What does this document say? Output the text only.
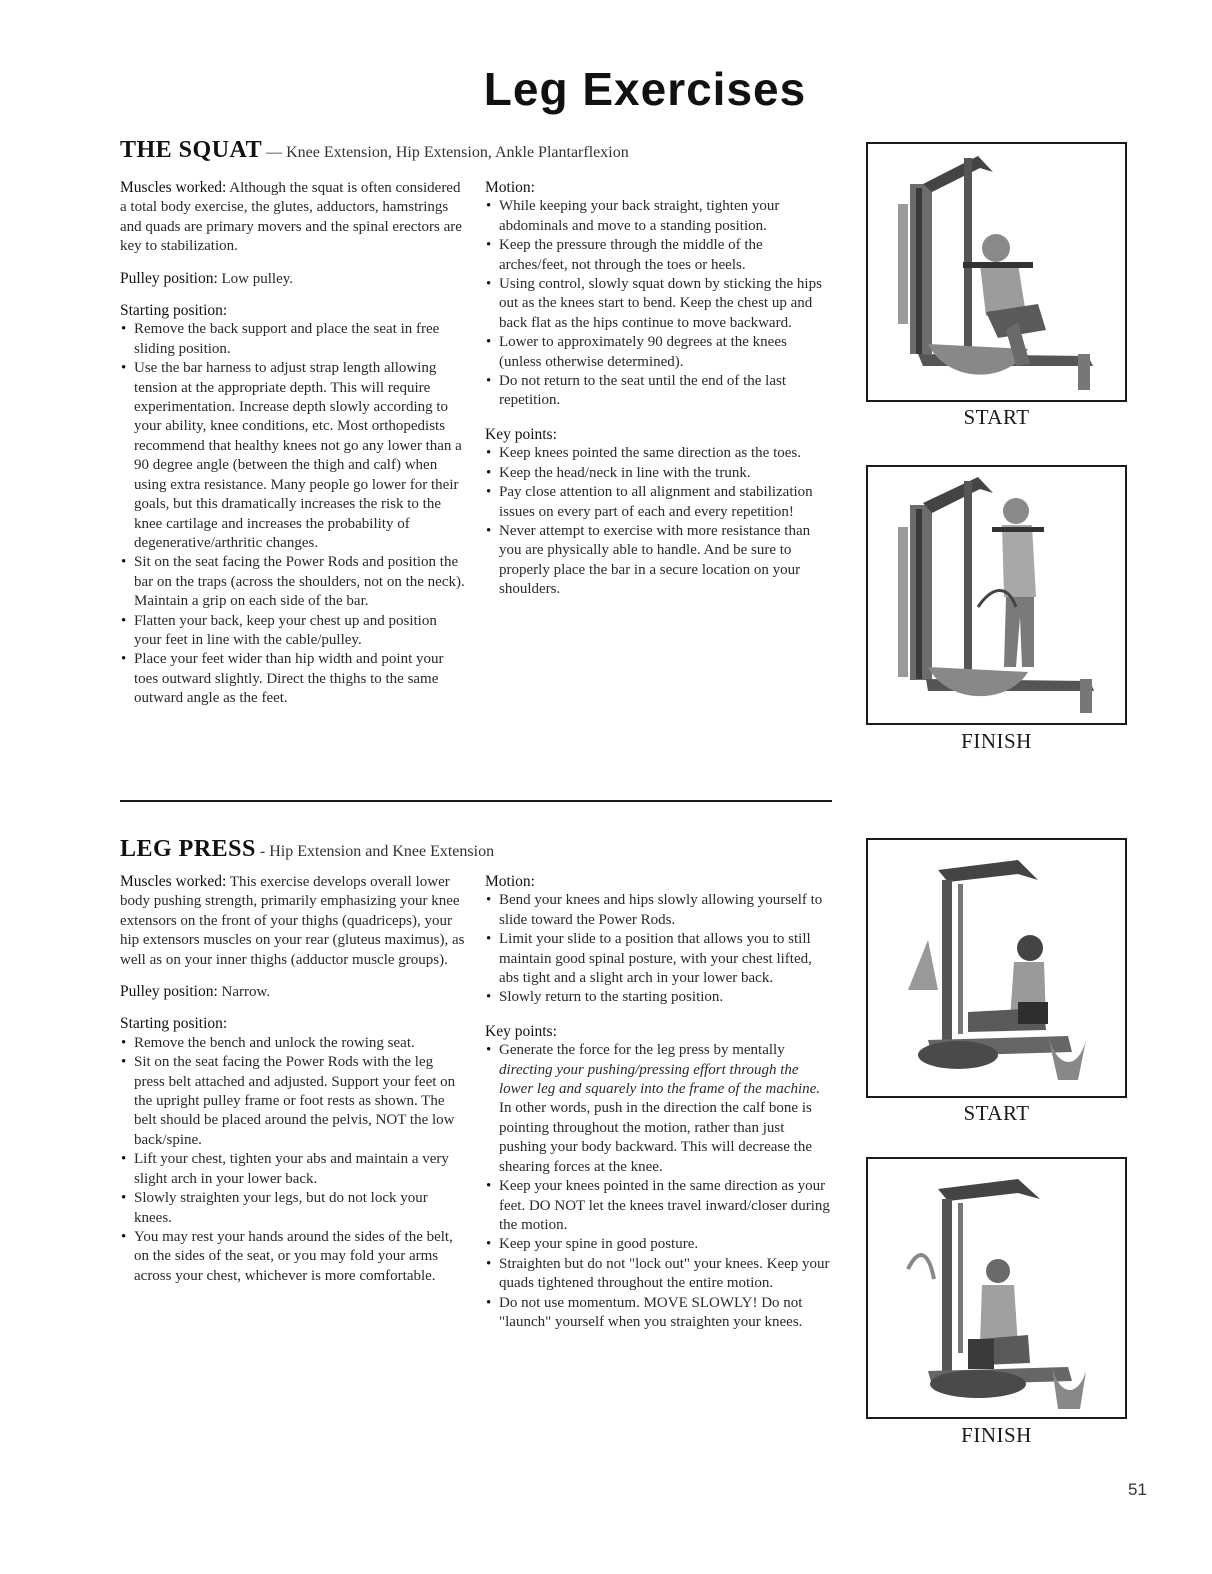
Leg Exercises
THE SQUAT — Knee Extension, Hip Extension, Ankle Plantarflexion

Muscles worked: Although the squat is often considered a total body exercise, the glutes, adductors, hamstrings and quads are primary movers and the spinal erectors are key to stabilization.

Pulley position: Low pulley.

Starting position:
• Remove the back support and place the seat in free sliding position.
• Use the bar harness to adjust strap length allowing tension at the appropriate depth. This will require experimentation. Increase depth slowly according to your ability, knee conditions, etc. Most orthopedists recommend that healthy knees not go any lower than a 90 degree angle (between the thigh and calf) when using extra resistance. Many people go lower for their goals, but this dramatically increases the risk to the knee cartilage and increases the probability of degenerative/arthritic changes.
• Sit on the seat facing the Power Rods and position the bar on the traps (across the shoulders, not on the neck). Maintain a grip on each side of the bar.
• Flatten your back, keep your chest up and position your feet in line with the cable/pulley.
• Place your feet wider than hip width and point your toes outward slightly. Direct the thighs to the same outward angle as the feet.
Motion:
• While keeping your back straight, tighten your abdominals and move to a standing position.
• Keep the pressure through the middle of the arches/feet, not through the toes or heels.
• Using control, slowly squat down by sticking the hips out as the knees start to bend. Keep the chest up and back flat as the hips continue to move backward.
• Lower to approximately 90 degrees at the knees (unless otherwise determined).
• Do not return to the seat until the end of the last repetition.
Key points:
• Keep knees pointed the same direction as the toes.
• Keep the head/neck in line with the trunk.
• Pay close attention to all alignment and stabilization issues on every part of each and every repetition!
• Never attempt to exercise with more resistance than you are physically able to handle. And be sure to properly place the bar in a secure location on your shoulders.
START
FINISH
LEG PRESS - Hip Extension and Knee Extension

Muscles worked: This exercise develops overall lower body pushing strength, primarily emphasizing your knee extensors on the front of your thighs (quadriceps), your hip extensors muscles on your rear (gluteus maximus), as well as on your inner thighs (adductor muscle groups).

Pulley position: Narrow.

Starting position:
• Remove the bench and unlock the rowing seat.
• Sit on the seat facing the Power Rods with the leg press belt attached and adjusted. Support your feet on the upright pulley frame or foot rests as shown. The belt should be placed around the pelvis, NOT the low back/spine.
• Lift your chest, tighten your abs and maintain a very slight arch in your lower back.
• Slowly straighten your legs, but do not lock your knees.
• You may rest your hands around the sides of the belt, on the sides of the seat, or you may fold your arms across your chest, whichever is more comfortable.
Motion:
• Bend your knees and hips slowly allowing yourself to slide toward the Power Rods.
• Limit your slide to a position that allows you to still maintain good spinal posture, with your chest lifted, abs tight and a slight arch in your lower back.
• Slowly return to the starting position.
Key points:
• Generate the force for the leg press by mentally directing your pushing/pressing effort through the lower leg and squarely into the frame of the machine. In other words, push in the direction the calf bone is pointing throughout the motion, rather than just pushing your body backward. This will decrease the shearing forces at the knee.
• Keep your knees pointed in the same direction as your feet. DO NOT let the knees travel inward/closer during the motion.
• Keep your spine in good posture.
• Straighten but do not "lock out" your knees. Keep your quads tightened throughout the entire motion.
• Do not use momentum. MOVE SLOWLY! Do not "launch" yourself when you straighten your knees.
START
FINISH
51
